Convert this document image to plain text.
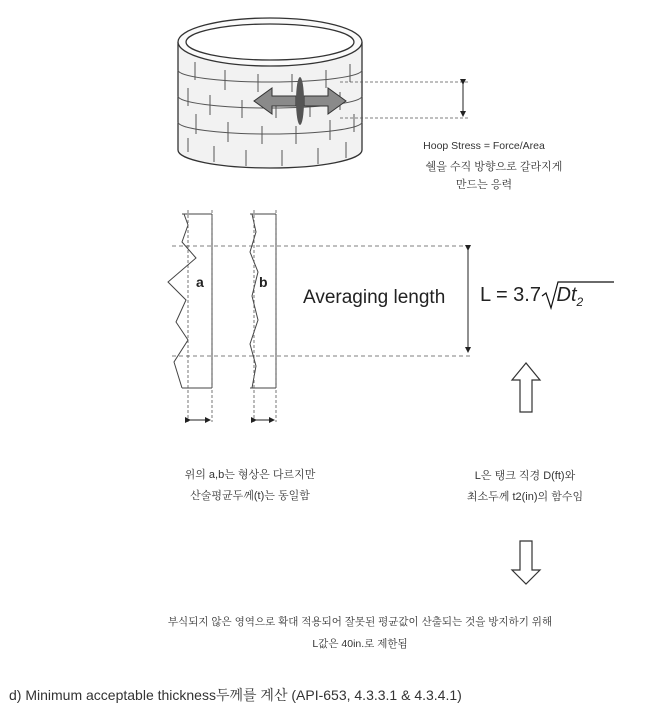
Hoop Stress = Force/Area
쉘을 수직 방향으로 갈라지게
만드는 응력
a	b
Averaging length L = 3.7 $Dt_2$
위의 a,b는 형상은 다르지만
산술평균두께(t)는 동일함
L은 탱크 직경 D(ft)와
최소두께 t2(in)의 함수임
부식되지 않은 영역으로 확대 적용되어 잘못된 평균값이 산출되는 것을 방지하기 위해
L값은 40in.로 제한됨
d) Minimum acceptable thickness두께를 계산 (API-653, 4.3.3.1 & 4.3.4.1)
